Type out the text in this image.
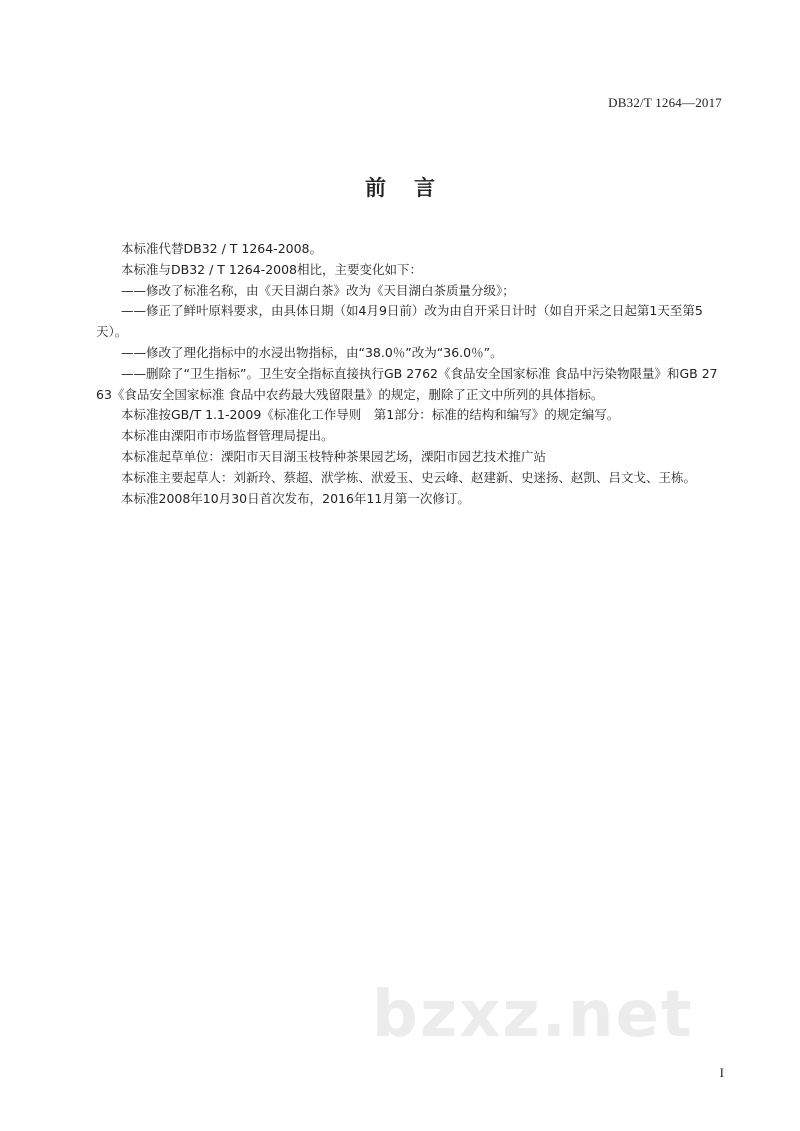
DB32/T 1264—2017
前言

本标准代替DB32 / T 1264-2008。

本标准与DB32 / T 1264-2008相比，主要变化如下：

——修改了标准名称，由《天目湖白茶》改为《天目湖白茶质量分级》；

——修正了鲜叶原料要求，由具体日期（如4月9日前）改为由自开采日计时（如自开采之日起第1天至第5天）。

——修改了理化指标中的水浸出物指标，由“38.0％”改为“36.0％”。

——删除了“卫生指标”。卫生安全指标直接执行GB 2762《食品安全国家标准 食品中污染物限量》和GB 2763《食品安全国家标准 食品中农药最大残留限量》的规定，删除了正文中所列的具体指标。

本标准按GB/T 1.1-2009《标准化工作导则　第1部分：标准的结构和编写》的规定编写。

本标准由溧阳市市场监督管理局提出。

本标准起草单位：溧阳市天目湖玉枝特种茶果园艺场，溧阳市园艺技术推广站

本标准主要起草人：刘新玲、蔡超、洑学栋、洑爱玉、史云峰、赵建新、史迷扬、赵凯、吕文戈、王栋。

本标准2008年10月30日首次发布，2016年11月第一次修订。

bzxz.net
I
